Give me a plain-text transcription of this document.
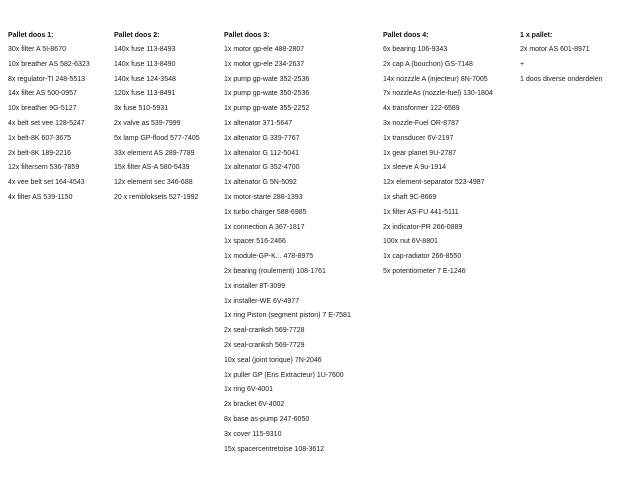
Pallet doos 1:
30x filter A 5I-8670
10x breather AS 582-6323
8x regulator-TI 248-5513
14x filter AS 500-0957
10x breather 9G-5127
4x belt set vee 128-5247
1x belt-8K 607-3675
2x belt-8K 189-2216
12x filtersem 536-7859
4x vee belt set 164-4543
4x filter AS 539-1150
Pallet doos 2:
140x fuse 113-8493
140x fuse 113-8490
140x fuse 124-3548
120x fuse 113-8491
3x fuse 510-5931
2x valve as 539-7999
5x lamp GP-flood 577-7405
33x element AS 289-7789
15x filter AS-A 580-5439
12x element sec 346-688
20 x rembloksets 527-1992
Pallet doos 3:
1x motor gp-ele 488-2807
1x motor gp-ele 234-2637
1x pump gp-wate 352-2536
1x pump gp-wate 350-2536
1x pump gp-wate 355-2252
1x altenator 371-5647
1x altenator G 339-7767
1x altenator G 112-5041
1x altenator G 352-4700
1x altenator G 5N-5092
1x motor-starte 288-1393
1x turbo charger 588-6985
1x connection A 367-1817
1x spacer 516-2466
1x module-GP-K... 478-8975
2x bearing (roulement) 108-1761
1x installer 8T-3099
1x installer-WE 6V-4977
1x ring Piston (segment piston) 7 E-7581
2x seal-cranksh 569-7728
2x seal-cranksh 569-7729
10x seal (joint torique) 7N-2046
1x puller GP (Ens Extracteur) 1U-7600
1x ring 6V-4001
2x bracket 6V-4002
8x base as-pump 247-6050
3x cover 115-9310
15x spacercentretoise 108-3612
Pallet doos 4:
6x bearing 106-9343
2x cap A (bouchon) GS-7148
14x nozzzle A (injecteur) 8N-7005
7x nozzleAs (nozzle-fuel) 130-1804
4x transformer 122-6589
3x nozzle-Fuel OR-8787
1x transducer 6V-2197
1x gear planet 9U-2787
1x sleeve A 9u-1914
12x element-separator 523-4987
1x shaft 9C-8669
1x filter AS-FU 441-5111
2x indicator-PR 266-0889
100x nut 6V-8801
1x cap-radiator 266-8550
5x potentiometer 7 E-1246
1 x pallet:
2x motor AS 601-8971
+
1 doos diverse onderdelen
